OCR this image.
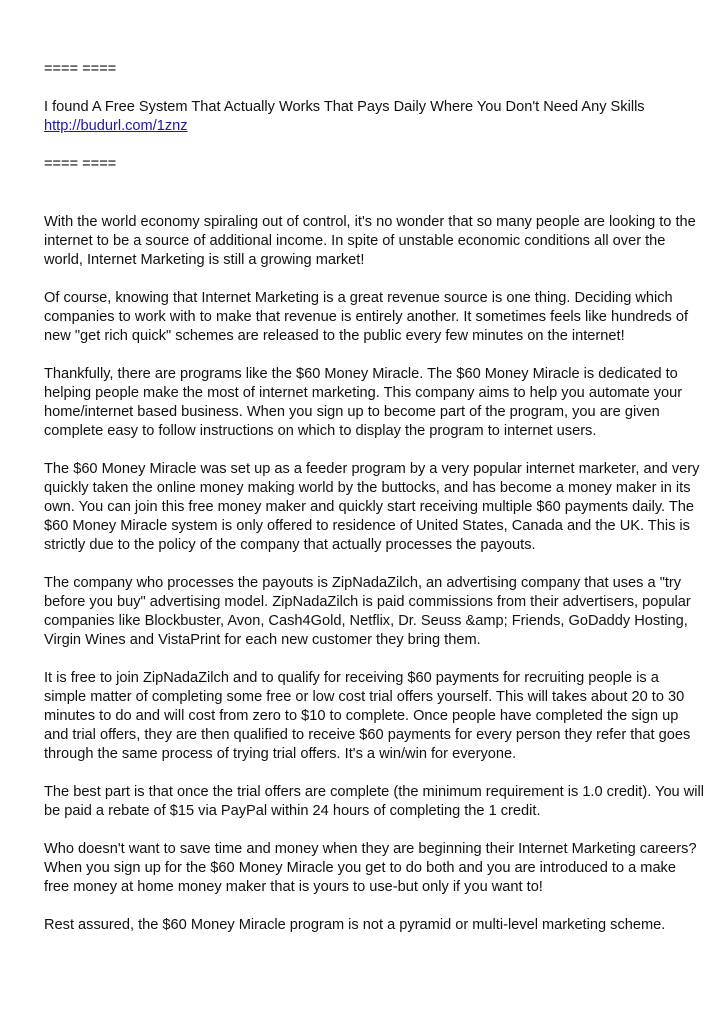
==== ====

I found A Free System That Actually Works That Pays Daily Where You Don't Need Any Skills

http://budurl.com/1znz

==== ====

With the world economy spiraling out of control, it's no wonder that so many people are looking to the internet to be a source of additional income. In spite of unstable economic conditions all over the world, Internet Marketing is still a growing market!

Of course, knowing that Internet Marketing is a great revenue source is one thing. Deciding which companies to work with to make that revenue is entirely another. It sometimes feels like hundreds of new "get rich quick" schemes are released to the public every few minutes on the internet!

Thankfully, there are programs like the $60 Money Miracle. The $60 Money Miracle is dedicated to helping people make the most of internet marketing. This company aims to help you automate your home/internet based business. When you sign up to become part of the program, you are given complete easy to follow instructions on which to display the program to internet users.

The $60 Money Miracle was set up as a feeder program by a very popular internet marketer, and very quickly taken the online money making world by the buttocks, and has become a money maker in its own. You can join this free money maker and quickly start receiving multiple $60 payments daily. The $60 Money Miracle system is only offered to residence of United States, Canada and the UK. This is strictly due to the policy of the company that actually processes the payouts.

The company who processes the payouts is ZipNadaZilch, an advertising company that uses a "try before you buy" advertising model. ZipNadaZilch is paid commissions from their advertisers, popular companies like Blockbuster, Avon, Cash4Gold, Netflix, Dr. Seuss &amp; Friends, GoDaddy Hosting, Virgin Wines and VistaPrint for each new customer they bring them.

It is free to join ZipNadaZilch and to qualify for receiving $60 payments for recruiting people is a simple matter of completing some free or low cost trial offers yourself. This will takes about 20 to 30 minutes to do and will cost from zero to $10 to complete. Once people have completed the sign up and trial offers, they are then qualified to receive $60 payments for every person they refer that goes through the same process of trying trial offers. It's a win/win for everyone.

The best part is that once the trial offers are complete (the minimum requirement is 1.0 credit). You will be paid a rebate of $15 via PayPal within 24 hours of completing the 1 credit.

Who doesn't want to save time and money when they are beginning their Internet Marketing careers? When you sign up for the $60 Money Miracle you get to do both and you are introduced to a make free money at home money maker that is yours to use-but only if you want to!

Rest assured, the $60 Money Miracle program is not a pyramid or multi-level marketing scheme.
